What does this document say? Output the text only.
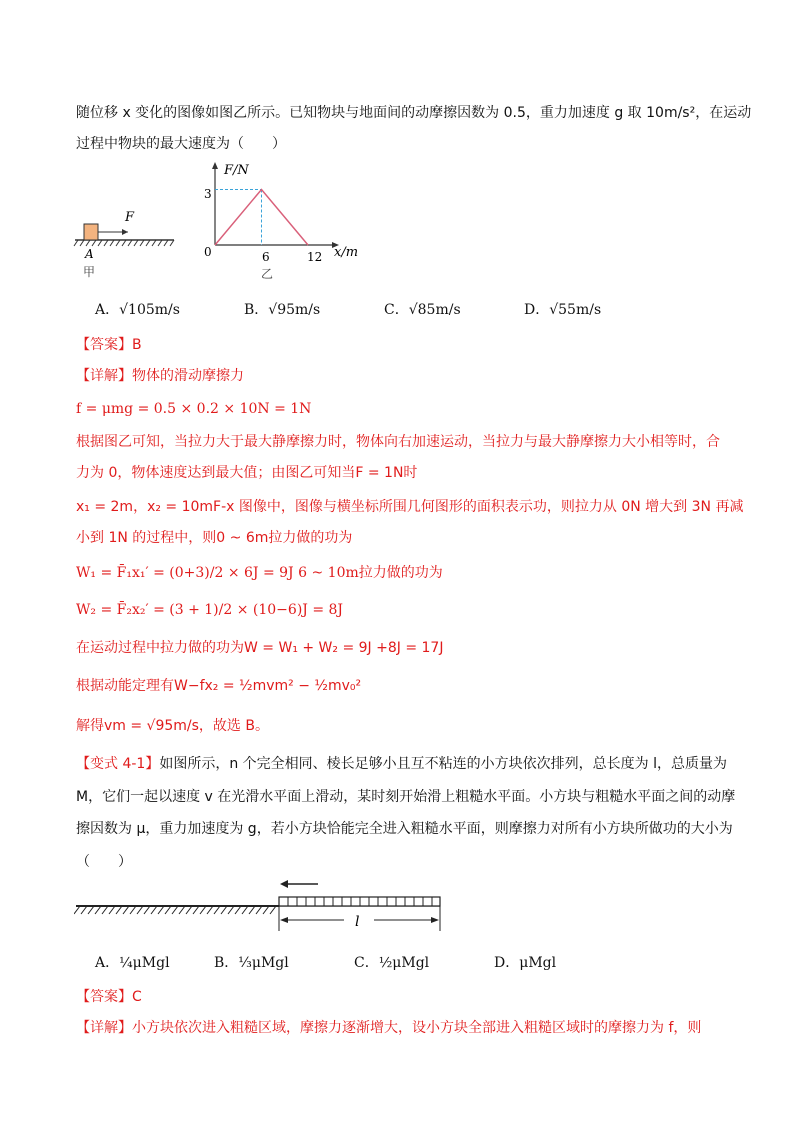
随位移 x 变化的图像如图乙所示。已知物块与地面间的动摩擦因数为 0.5，重力加速度 g 取 10m/s²，在运动
过程中物块的最大速度为（　　）
F
A
甲
F/N
x/m
0
3
6	12
乙
A．√105m/s	B．√95m/s	C．√85m/s	D．√55m/s
【答案】B
【详解】物体的滑动摩擦力
f = μmg = 0.5 × 0.2 × 10N = 1N
根据图乙可知，当拉力大于最大静摩擦力时，物体向右加速运动，当拉力与最大静摩擦力大小相等时，合
力为 0，物体速度达到最大值；由图乙可知当F = 1N时
x₁ = 2m，x₂ = 10mF-x 图像中，图像与横坐标所围几何图形的面积表示功，则拉力从 0N 增大到 3N 再减
小到 1N 的过程中，则0 ~ 6m拉力做的功为
W₁ = F̄₁x₁′ = (0+3)/2 × 6J = 9J 6 ~ 10m拉力做的功为
W₂ = F̄₂x₂′ = (3 + 1)/2 × (10−6)J = 8J
在运动过程中拉力做的功为W = W₁ + W₂ = 9J +8J = 17J
根据动能定理有W−fx₂ = ½mvm² − ½mv₀²
解得vm = √95m/s，故选 B。
【变式 4-1】如图所示，n 个完全相同、棱长足够小且互不粘连的小方块依次排列，总长度为 l，总质量为
M，它们一起以速度 v 在光滑水平面上滑动，某时刻开始滑上粗糙水平面。小方块与粗糙水平面之间的动摩
擦因数为 μ，重力加速度为 g，若小方块恰能完全进入粗糙水平面，则摩擦力对所有小方块所做功的大小为
（　　）
l
A．¼μMgl	B．⅓μMgl	C．½μMgl	D．μMgl
【答案】C
【详解】小方块依次进入粗糙区域，摩擦力逐渐增大，设小方块全部进入粗糙区域时的摩擦力为 f，则
